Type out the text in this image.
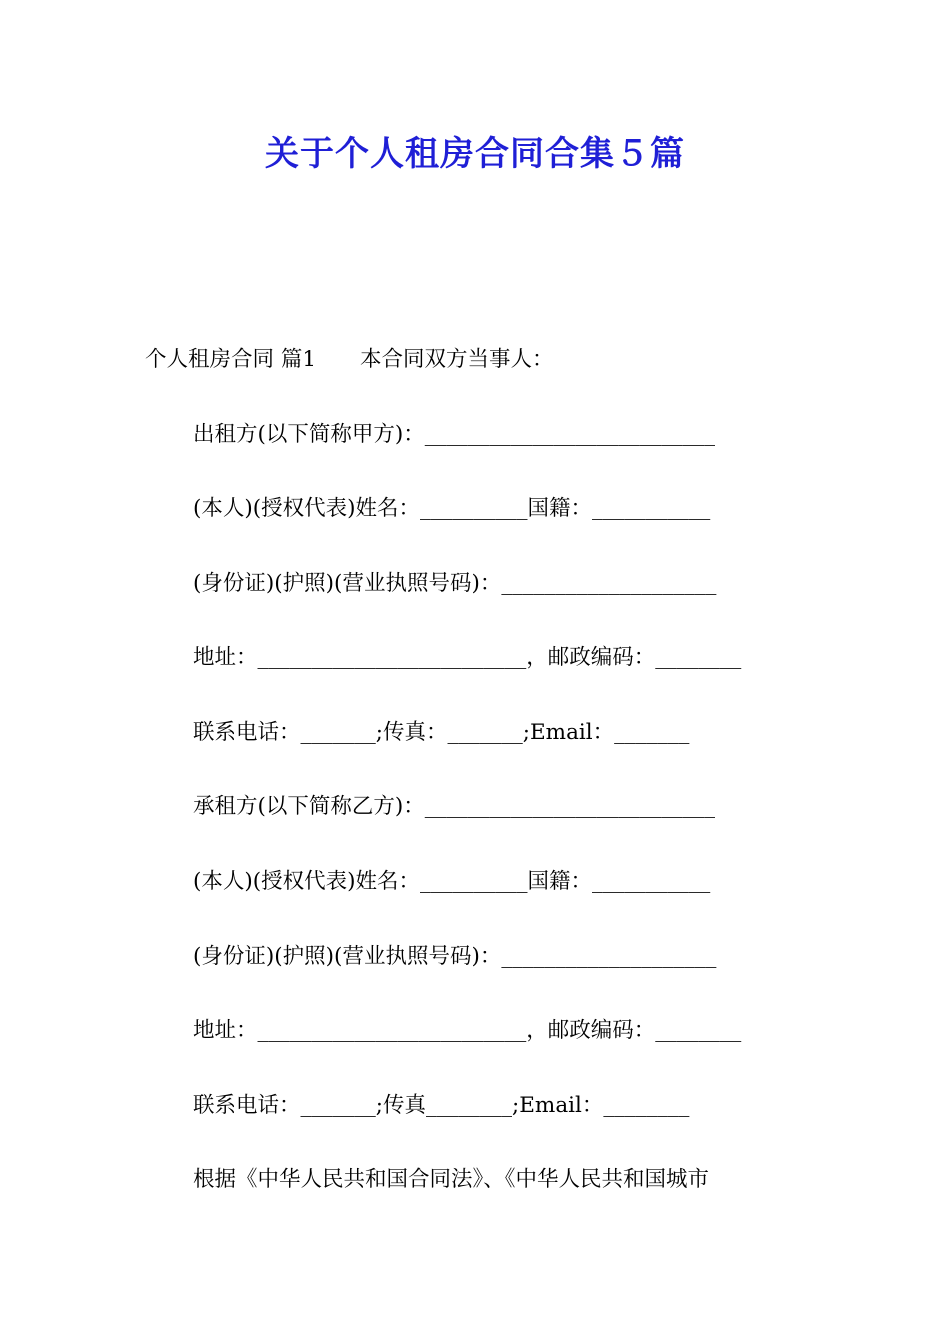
关于个人租房合同合集５篇
个人租房合同 篇1 本合同双方当事人：
出租方(以下简称甲方)：___________________________
(本人)(授权代表)姓名：__________国籍：___________
(身份证)(护照)(营业执照号码)：____________________
地址：_________________________，邮政编码：________
联系电话：_______;传真：_______;Email：_______
承租方(以下简称乙方)：___________________________
(本人)(授权代表)姓名：__________国籍：___________
(身份证)(护照)(营业执照号码)：____________________
地址：_________________________，邮政编码：________
联系电话：_______;传真________;Email：________
根据《中华人民共和国合同法》、《中华人民共和国城市
